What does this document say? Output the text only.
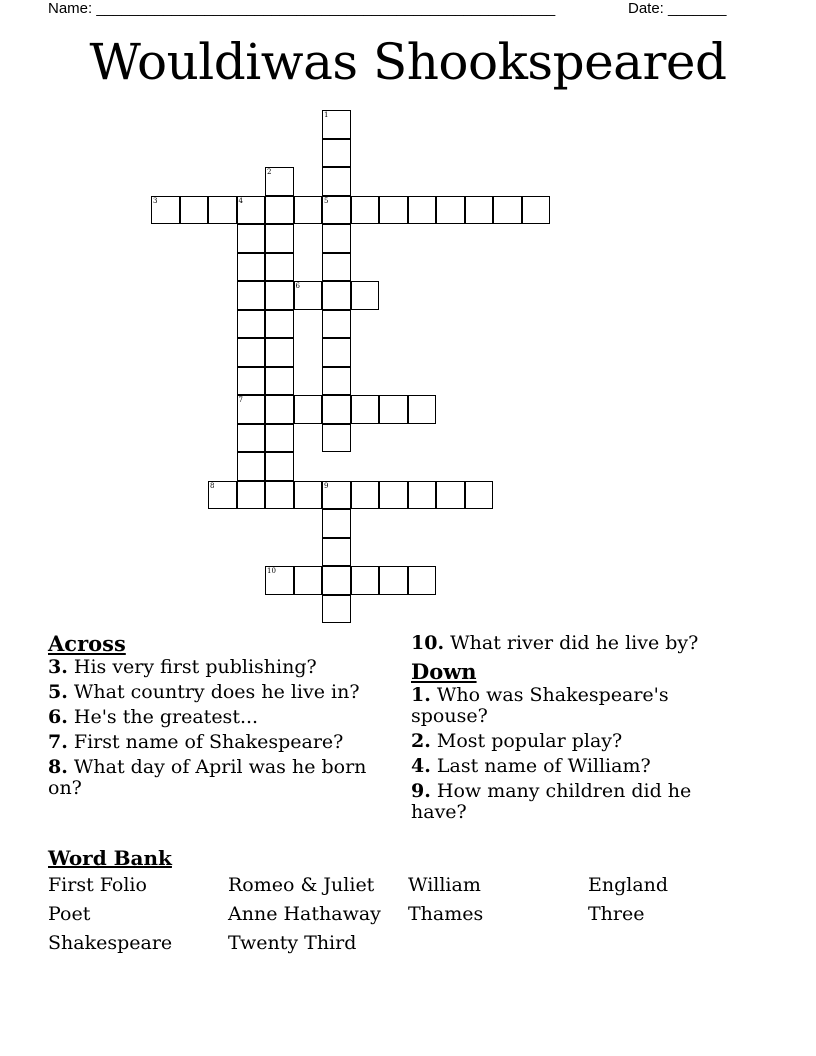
Name: _______________________________________________________	Date: _______
Wouldiwas Shookspeared
1
5
2
3	4
7
6
8	9
10
Across
3. His very first publishing?
5. What country does he live in?
6. He's the greatest...
7. First name of Shakespeare?
8. What day of April was he born on?
10. What river did he live by?
Down
1. Who was Shakespeare's spouse?
2. Most popular play?
4. Last name of William?
9. How many children did he have?
Word Bank
First Folio	Romeo & Juliet	William	England
Poet	Anne Hathaway	Thames	Three
Shakespeare	Twenty Third
